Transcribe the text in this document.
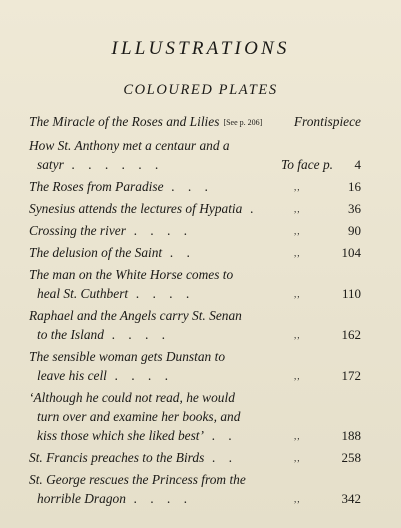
ILLUSTRATIONS
COLOURED PLATES
The Miracle of the Roses and Lilies [See p. 206]	Frontispiece
How St. Anthony met a centaur and a
satyr . . . . . .	To face p. 4
The Roses from Paradise . . .	,,	16
Synesius attends the lectures of Hypatia .	,,	36
Crossing the river . . . .	,,	90
The delusion of the Saint . .	,,	104
The man on the White Horse comes to
heal St. Cuthbert . . . .	,,	110
Raphael and the Angels carry St. Senan
to the Island . . . .	,,	162
The sensible woman gets Dunstan to
leave his cell . . . .	,,	172
‘Although he could not read, he would
turn over and examine her books, and
kiss those which she liked best’ . .	,,	188
St. Francis preaches to the Birds . .	,,	258
St. George rescues the Princess from the
horrible Dragon . . . .	,,	342
